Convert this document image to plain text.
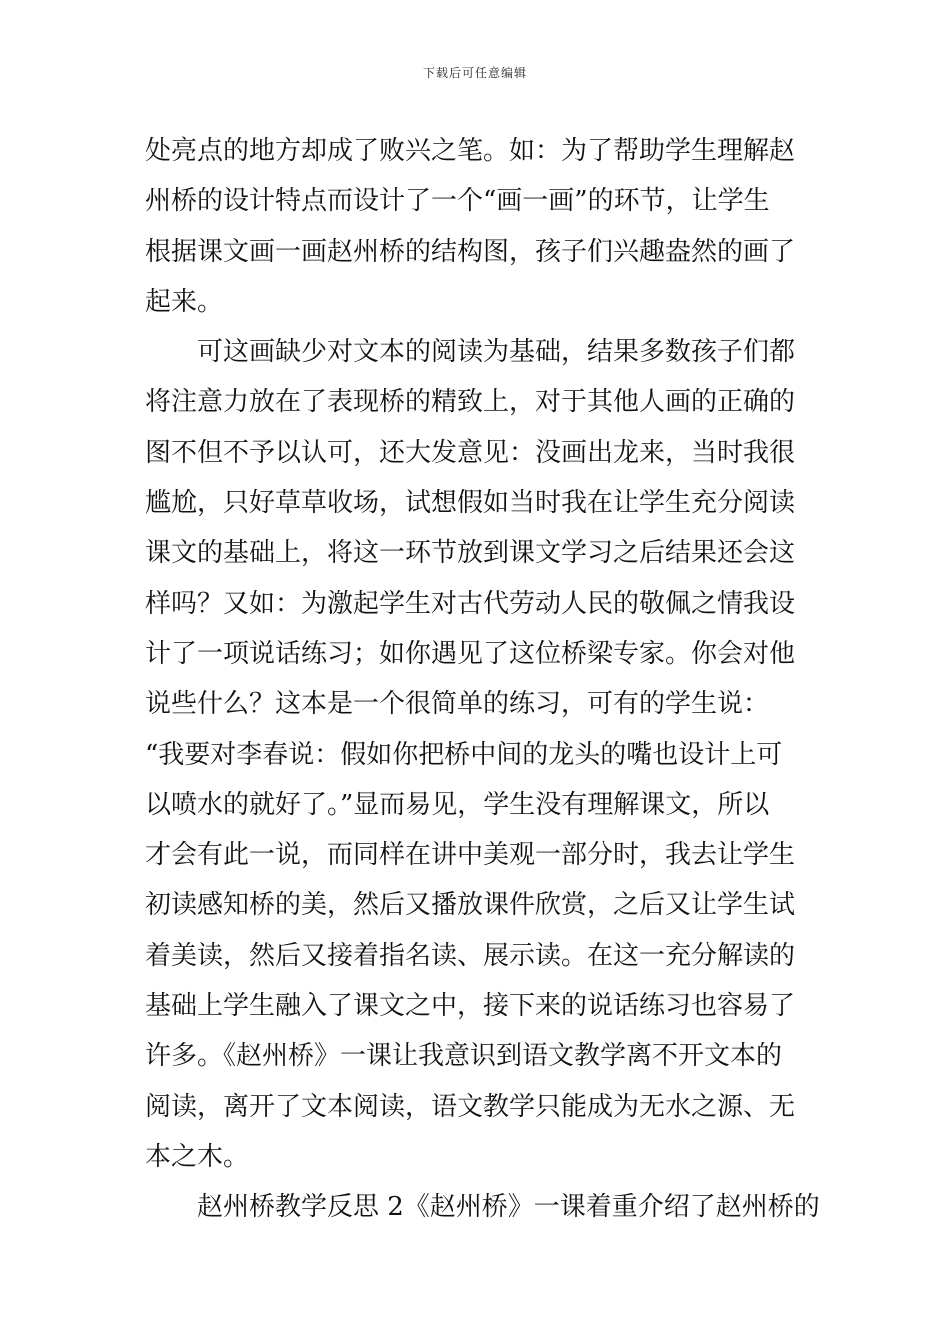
下载后可任意编辑
处亮点的地方却成了败兴之笔。如：为了帮助学生理解赵
州桥的设计特点而设计了一个“画一画”的环节，让学生
根据课文画一画赵州桥的结构图，孩子们兴趣盎然的画了
起来。
　　可这画缺少对文本的阅读为基础，结果多数孩子们都
将注意力放在了表现桥的精致上，对于其他人画的正确的
图不但不予以认可，还大发意见：没画出龙来，当时我很
尴尬，只好草草收场，试想假如当时我在让学生充分阅读
课文的基础上，将这一环节放到课文学习之后结果还会这
样吗？又如：为激起学生对古代劳动人民的敬佩之情我设
计了一项说话练习；如你遇见了这位桥梁专家。你会对他
说些什么？这本是一个很简单的练习，可有的学生说：
“我要对李春说：假如你把桥中间的龙头的嘴也设计上可
以喷水的就好了。”显而易见，学生没有理解课文，所以
才会有此一说，而同样在讲中美观一部分时，我去让学生
初读感知桥的美，然后又播放课件欣赏，之后又让学生试
着美读，然后又接着指名读、展示读。在这一充分解读的
基础上学生融入了课文之中，接下来的说话练习也容易了
许多。《赵州桥》一课让我意识到语文教学离不开文本的
阅读，离开了文本阅读，语文教学只能成为无水之源、无
本之木。
　　赵州桥教学反思 2《赵州桥》一课着重介绍了赵州桥的
